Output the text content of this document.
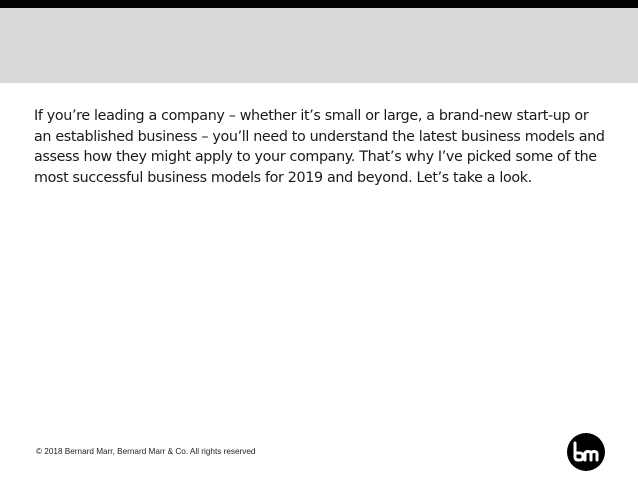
If you’re leading a company – whether it’s small or large, a brand-new start-up or
an established business – you’ll need to understand the latest business models and
assess how they might apply to your company. That’s why I’ve picked some of the
most successful business models for 2019 and beyond. Let’s take a look.

© 2018 Bernard Marr, Bernard Marr & Co. All rights reserved
